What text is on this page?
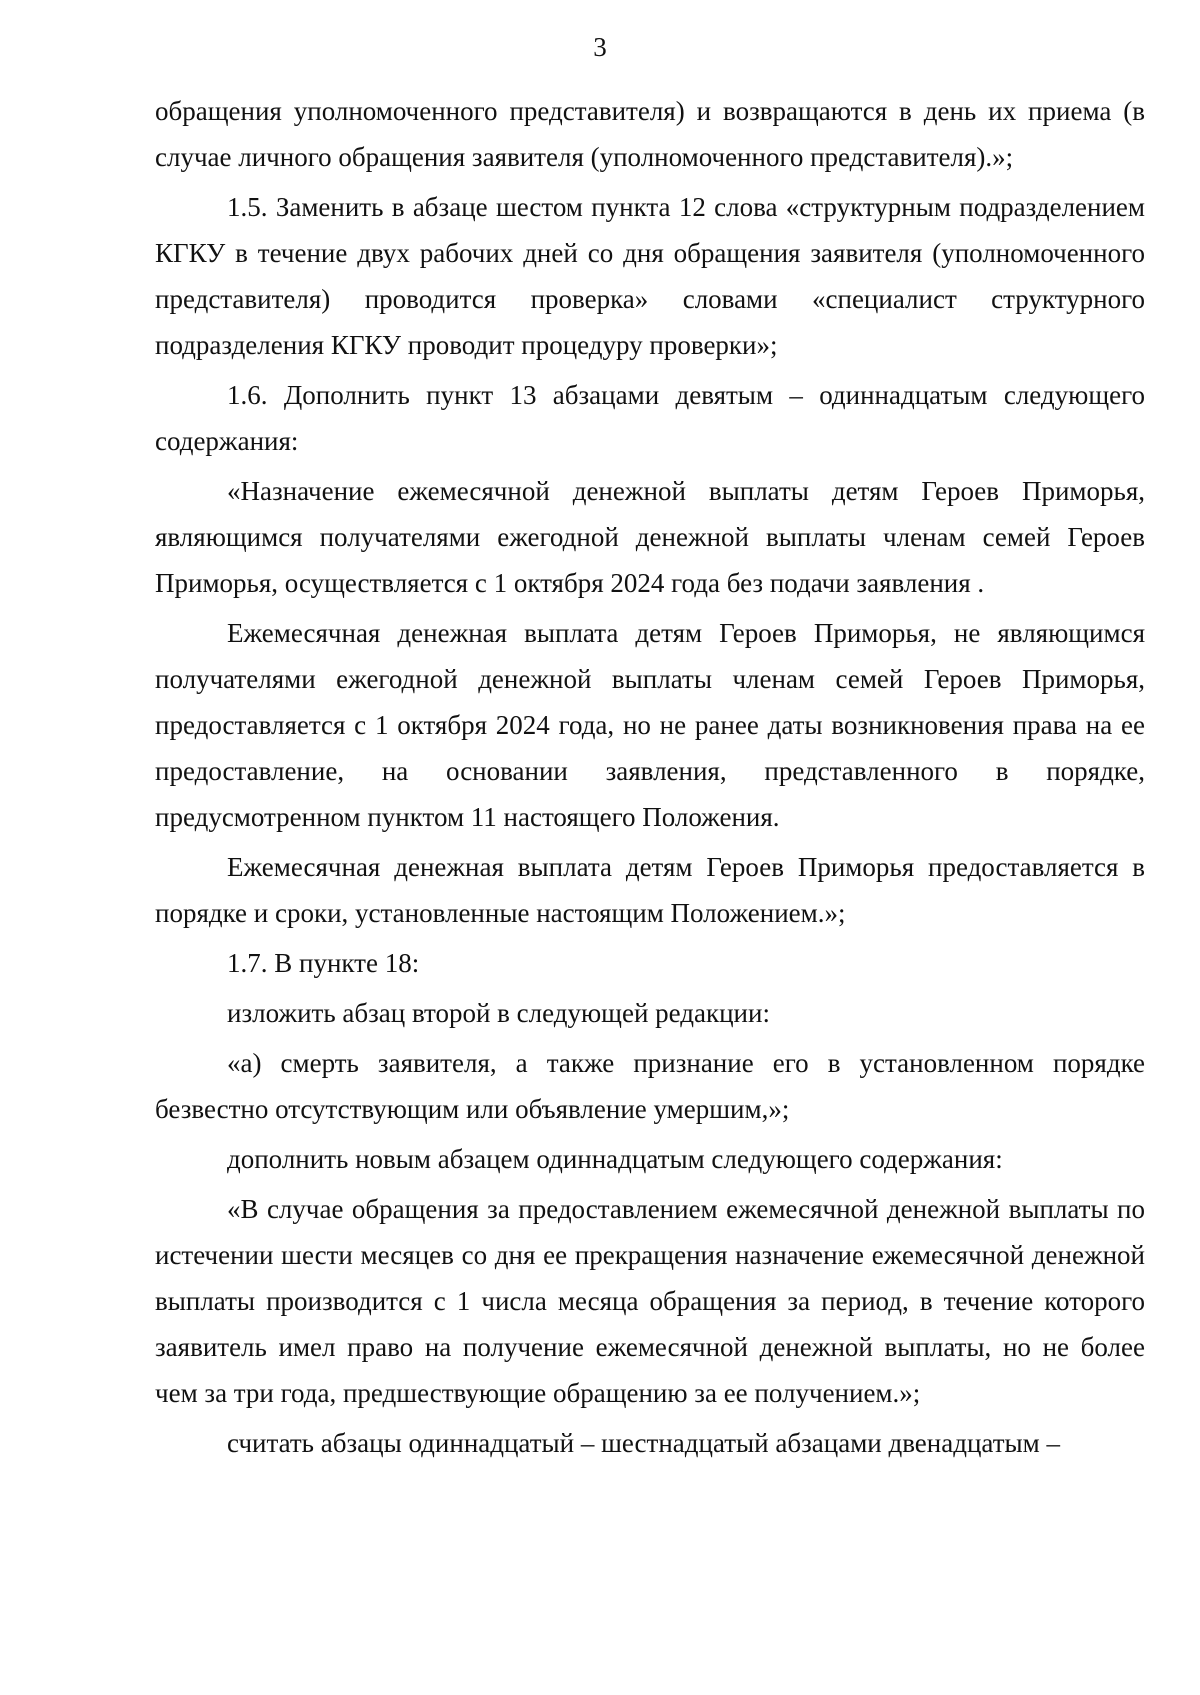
3

обращения уполномоченного представителя) и возвращаются в день их приема (в случае личного обращения заявителя (уполномоченного представителя).»;

1.5. Заменить в абзаце шестом пункта 12 слова «структурным подразделением КГКУ в течение двух рабочих дней со дня обращения заявителя (уполномоченного представителя) проводится проверка» словами «специалист структурного подразделения КГКУ проводит процедуру проверки»;

1.6. Дополнить пункт 13 абзацами девятым – одиннадцатым следующего содержания:

«Назначение ежемесячной денежной выплаты детям Героев Приморья, являющимся получателями ежегодной денежной выплаты членам семей Героев Приморья, осуществляется с 1 октября 2024 года без подачи заявления .

Ежемесячная денежная выплата детям Героев Приморья, не являющимся получателями ежегодной денежной выплаты членам семей Героев Приморья, предоставляется с 1 октября 2024 года, но не ранее даты возникновения права на ее предоставление, на основании заявления, представленного в порядке, предусмотренном пунктом 11 настоящего Положения.

Ежемесячная денежная выплата детям Героев Приморья предоставляется в порядке и сроки, установленные настоящим Положением.»;

1.7. В пункте 18:

изложить абзац второй в следующей редакции:

«а) смерть заявителя, а также признание его в установленном порядке безвестно отсутствующим или объявление умершим,»;

дополнить новым абзацем одиннадцатым следующего содержания:

«В случае обращения за предоставлением ежемесячной денежной выплаты по истечении шести месяцев со дня ее прекращения назначение ежемесячной денежной выплаты производится с 1 числа месяца обращения за период, в течение которого заявитель имел право на получение ежемесячной денежной выплаты, но не более чем за три года, предшествующие обращению за ее получением.»;

считать абзацы одиннадцатый – шестнадцатый абзацами двенадцатым –
